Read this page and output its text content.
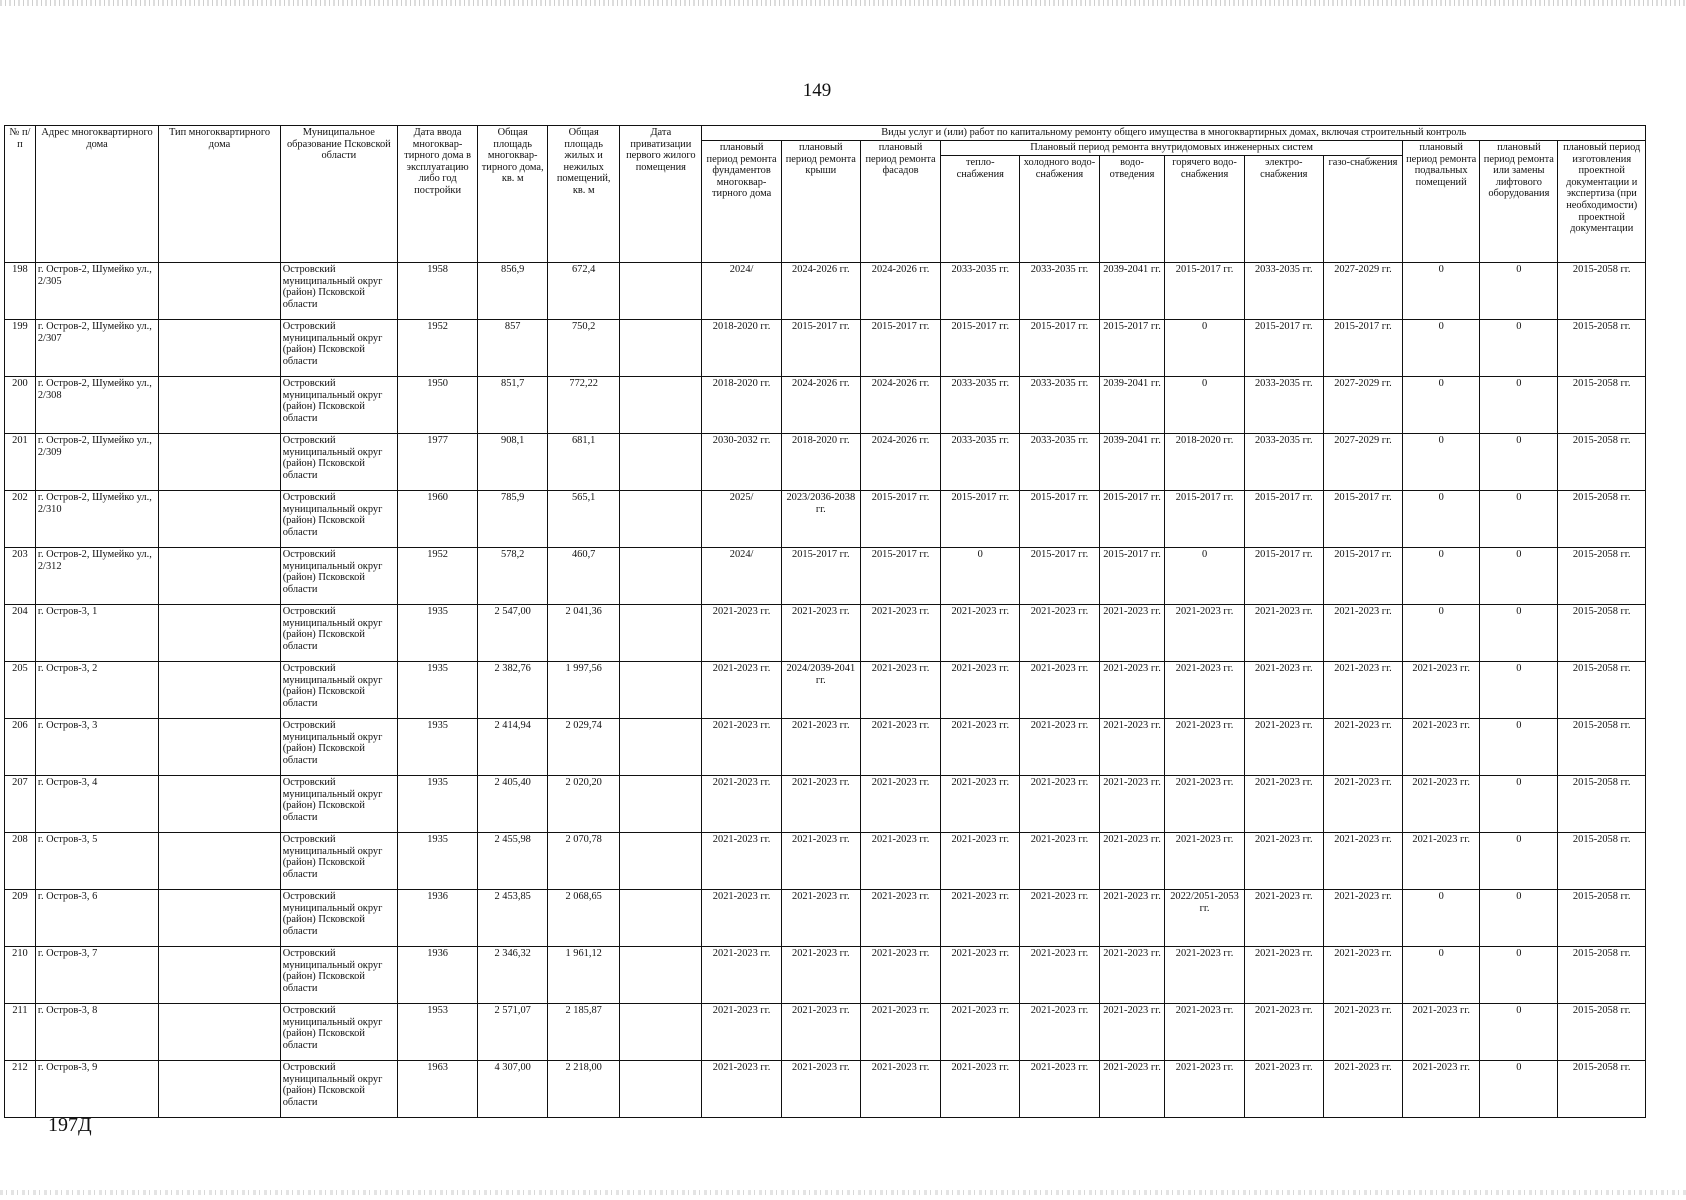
149
№ п/п	Адрес многоквартирного дома	Тип многоквартирного дома	Муниципальное образование Псковской области	Дата ввода многоквар-тирного дома в эксплуатацию либо год постройки	Общая площадь многоквар-тирного дома, кв. м	Общая площадь жилых и нежилых помещений, кв. м	Дата приватизации первого жилого помещения	Виды услуг и (или) работ по капитальному ремонту общего имущества в многоквартирных домах, включая строительный контроль											
								плановый период ремонта фундаментов многоквар-тирного дома	плановый период ремонта крыши	плановый период ремонта фасадов	Плановый период ремонта внутридомовых инженерных систем						плановый период ремонта подвальных помещений	плановый период ремонта или замены лифтового оборудования	плановый период изготовления проектной документации и экспертиза (при необходимости) проектной документации
											тепло-снабжения	холодного водо-снабжения	водо-отведения	горячего водо-снабжения	электро-снабжения	газо-снабжения			
198	г. Остров-2, Шумейко ул., 2/305		Островский муниципальный округ (район) Псковской области	1958	856,9	672,4		2024/	2024-2026 гг.	2024-2026 гг.	2033-2035 гг.	2033-2035 гг.	2039-2041 гг.	2015-2017 гг.	2033-2035 гг.	2027-2029 гг.	0	0	2015-2058 гг.
199	г. Остров-2, Шумейко ул., 2/307		Островский муниципальный округ (район) Псковской области	1952	857	750,2		2018-2020 гг.	2015-2017 гг.	2015-2017 гг.	2015-2017 гг.	2015-2017 гг.	2015-2017 гг.	0	2015-2017 гг.	2015-2017 гг.	0	0	2015-2058 гг.
200	г. Остров-2, Шумейко ул., 2/308		Островский муниципальный округ (район) Псковской области	1950	851,7	772,22		2018-2020 гг.	2024-2026 гг.	2024-2026 гг.	2033-2035 гг.	2033-2035 гг.	2039-2041 гг.	0	2033-2035 гг.	2027-2029 гг.	0	0	2015-2058 гг.
201	г. Остров-2, Шумейко ул., 2/309		Островский муниципальный округ (район) Псковской области	1977	908,1	681,1		2030-2032 гг.	2018-2020 гг.	2024-2026 гг.	2033-2035 гг.	2033-2035 гг.	2039-2041 гг.	2018-2020 гг.	2033-2035 гг.	2027-2029 гг.	0	0	2015-2058 гг.
202	г. Остров-2, Шумейко ул., 2/310		Островский муниципальный округ (район) Псковской области	1960	785,9	565,1		2025/	2023/2036-2038 гг.	2015-2017 гг.	2015-2017 гг.	2015-2017 гг.	2015-2017 гг.	2015-2017 гг.	2015-2017 гг.	2015-2017 гг.	0	0	2015-2058 гг.
203	г. Остров-2, Шумейко ул., 2/312		Островский муниципальный округ (район) Псковской области	1952	578,2	460,7		2024/	2015-2017 гг.	2015-2017 гг.	0	2015-2017 гг.	2015-2017 гг.	0	2015-2017 гг.	2015-2017 гг.	0	0	2015-2058 гг.
204	г. Остров-3, 1		Островский муниципальный округ (район) Псковской области	1935	2 547,00	2 041,36		2021-2023 гг.	2021-2023 гг.	2021-2023 гг.	2021-2023 гг.	2021-2023 гг.	2021-2023 гг.	2021-2023 гг.	2021-2023 гг.	2021-2023 гг.	0	0	2015-2058 гг.
205	г. Остров-3, 2		Островский муниципальный округ (район) Псковской области	1935	2 382,76	1 997,56		2021-2023 гг.	2024/2039-2041 гг.	2021-2023 гг.	2021-2023 гг.	2021-2023 гг.	2021-2023 гг.	2021-2023 гг.	2021-2023 гг.	2021-2023 гг.	2021-2023 гг.	0	2015-2058 гг.
206	г. Остров-3, 3		Островский муниципальный округ (район) Псковской области	1935	2 414,94	2 029,74		2021-2023 гг.	2021-2023 гг.	2021-2023 гг.	2021-2023 гг.	2021-2023 гг.	2021-2023 гг.	2021-2023 гг.	2021-2023 гг.	2021-2023 гг.	2021-2023 гг.	0	2015-2058 гг.
207	г. Остров-3, 4		Островский муниципальный округ (район) Псковской области	1935	2 405,40	2 020,20		2021-2023 гг.	2021-2023 гг.	2021-2023 гг.	2021-2023 гг.	2021-2023 гг.	2021-2023 гг.	2021-2023 гг.	2021-2023 гг.	2021-2023 гг.	2021-2023 гг.	0	2015-2058 гг.
208	г. Остров-3, 5		Островский муниципальный округ (район) Псковской области	1935	2 455,98	2 070,78		2021-2023 гг.	2021-2023 гг.	2021-2023 гг.	2021-2023 гг.	2021-2023 гг.	2021-2023 гг.	2021-2023 гг.	2021-2023 гг.	2021-2023 гг.	2021-2023 гг.	0	2015-2058 гг.
209	г. Остров-3, 6		Островский муниципальный округ (район) Псковской области	1936	2 453,85	2 068,65		2021-2023 гг.	2021-2023 гг.	2021-2023 гг.	2021-2023 гг.	2021-2023 гг.	2021-2023 гг.	2022/2051-2053 гг.	2021-2023 гг.	2021-2023 гг.	0	0	2015-2058 гг.
210	г. Остров-3, 7		Островский муниципальный округ (район) Псковской области	1936	2 346,32	1 961,12		2021-2023 гг.	2021-2023 гг.	2021-2023 гг.	2021-2023 гг.	2021-2023 гг.	2021-2023 гг.	2021-2023 гг.	2021-2023 гг.	2021-2023 гг.	0	0	2015-2058 гг.
211	г. Остров-3, 8		Островский муниципальный округ (район) Псковской области	1953	2 571,07	2 185,87		2021-2023 гг.	2021-2023 гг.	2021-2023 гг.	2021-2023 гг.	2021-2023 гг.	2021-2023 гг.	2021-2023 гг.	2021-2023 гг.	2021-2023 гг.	2021-2023 гг.	0	2015-2058 гг.
212	г. Остров-3, 9		Островский муниципальный округ (район) Псковской области	1963	4 307,00	2 218,00		2021-2023 гг.	2021-2023 гг.	2021-2023 гг.	2021-2023 гг.	2021-2023 гг.	2021-2023 гг.	2021-2023 гг.	2021-2023 гг.	2021-2023 гг.	2021-2023 гг.	0	2015-2058 гг.
197Д
